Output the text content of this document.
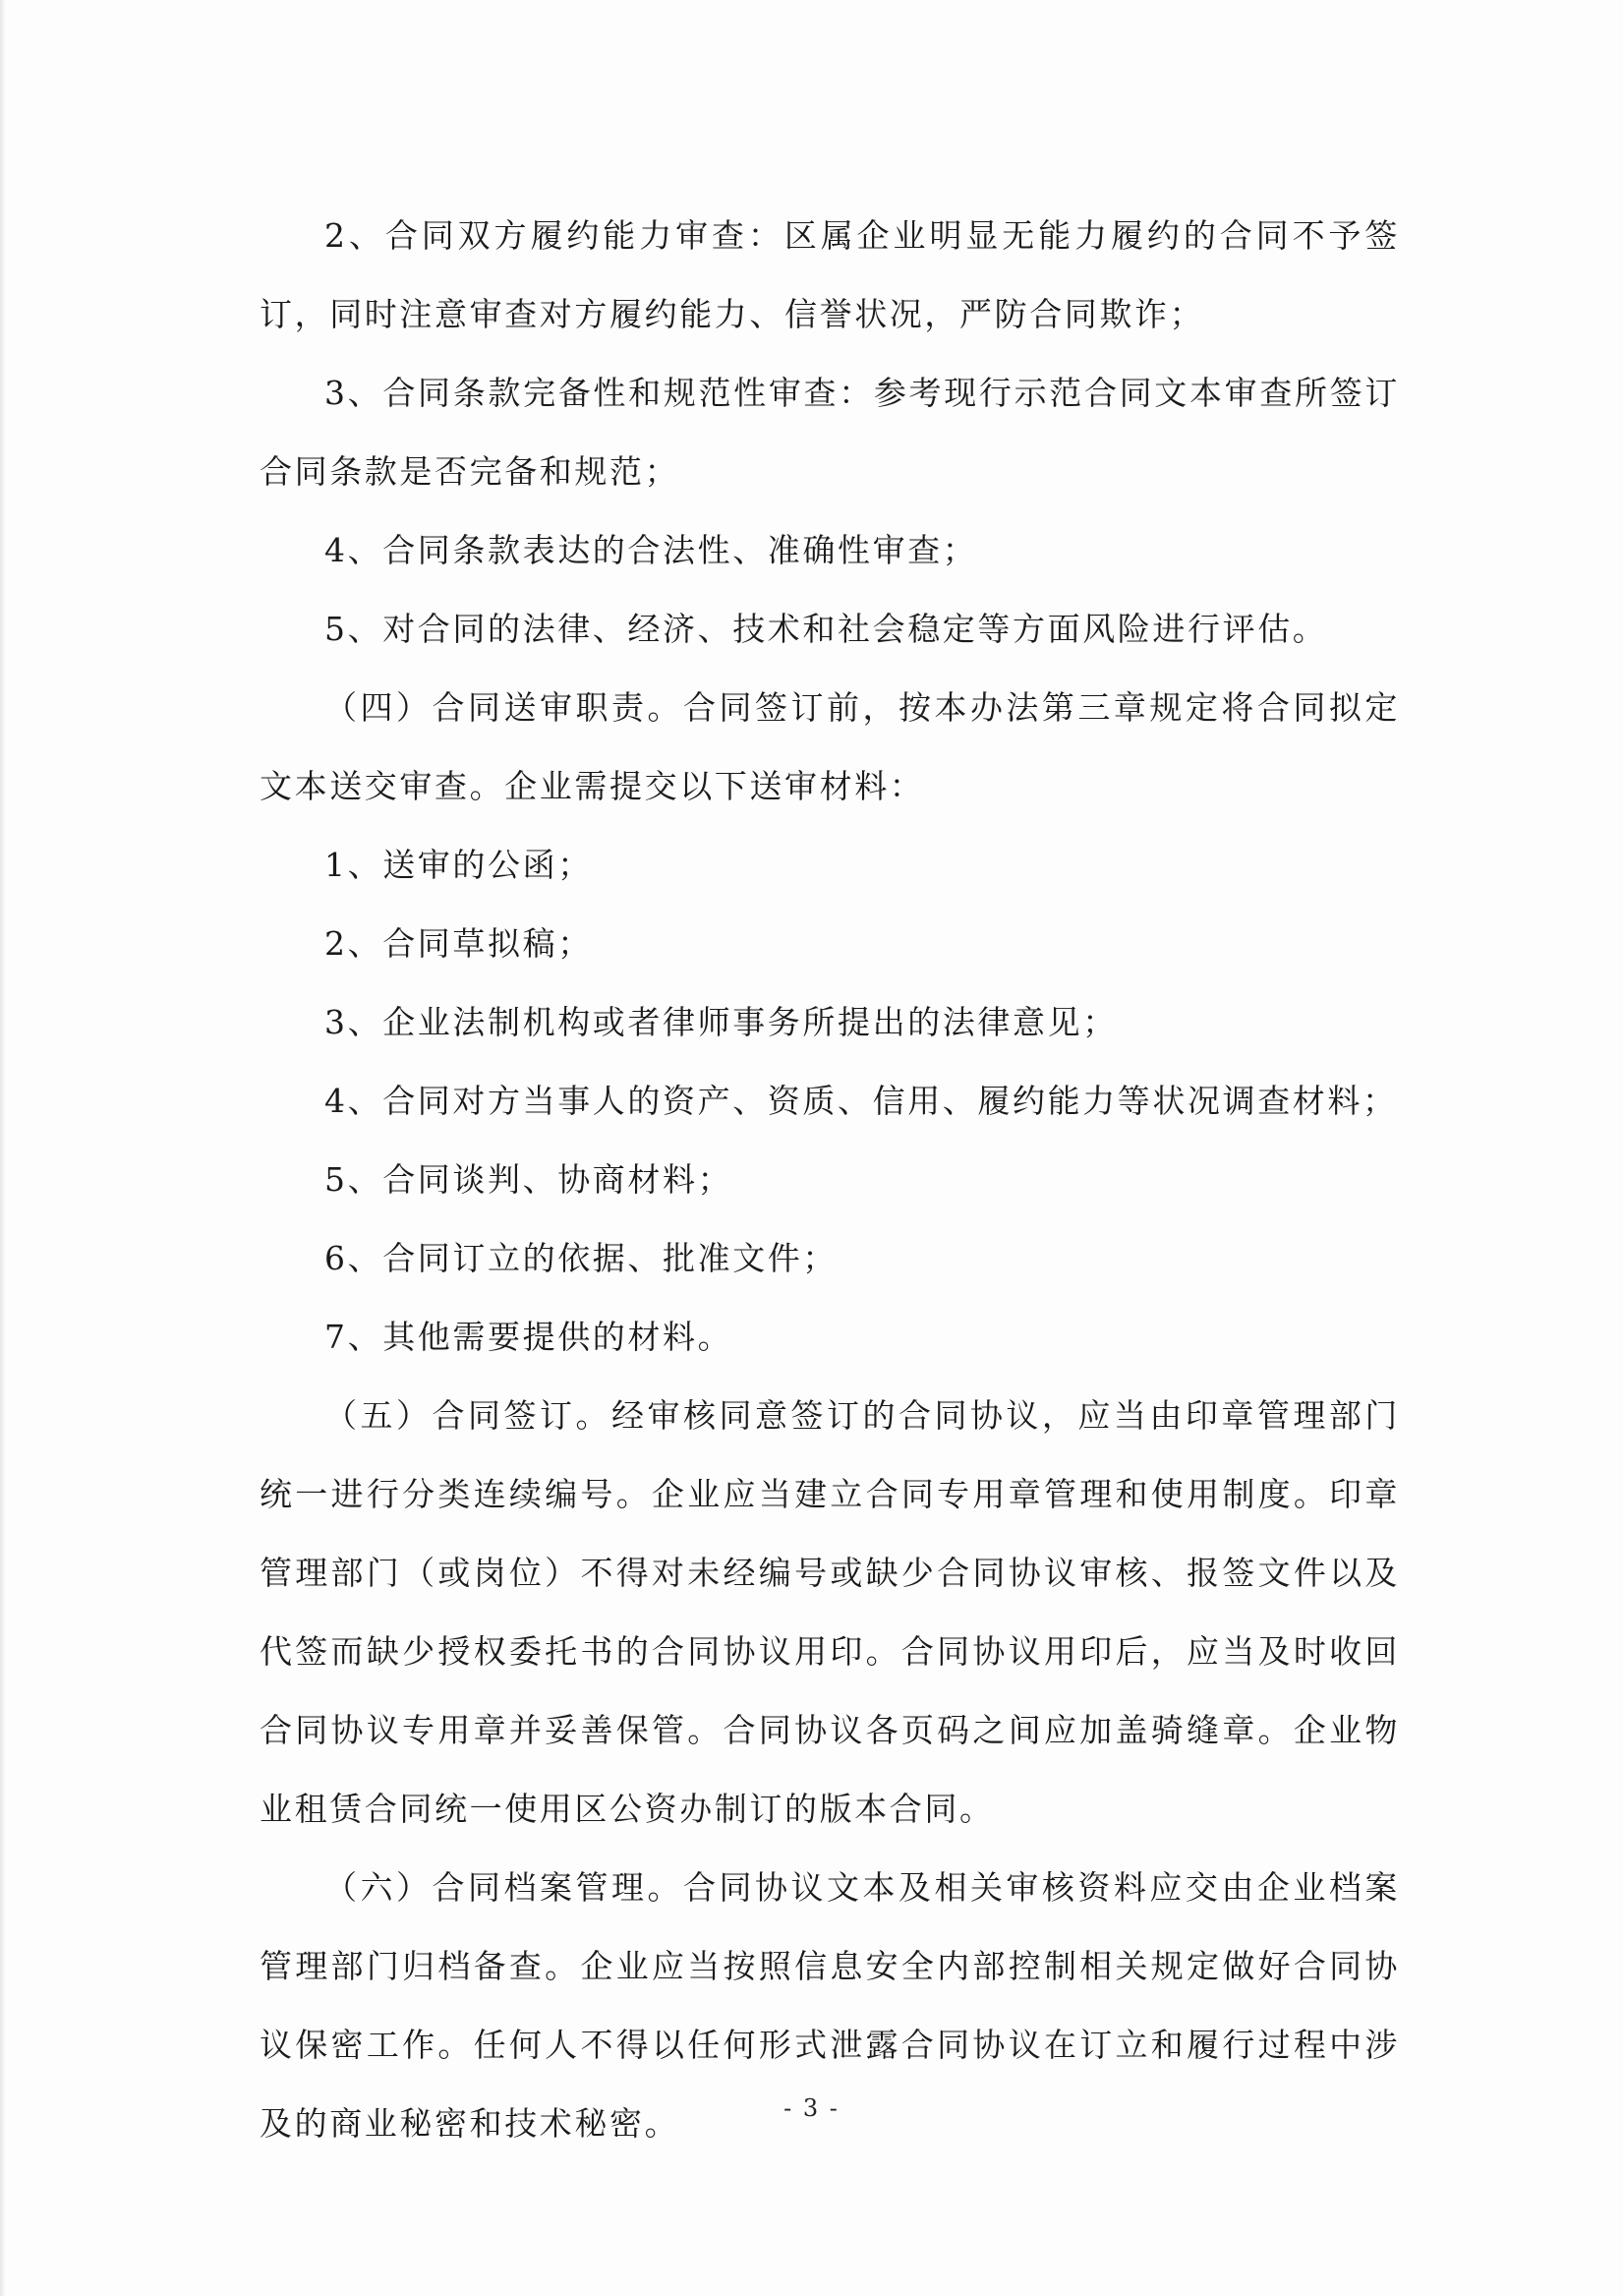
2、合同双方履约能力审查：区属企业明显无能力履约的合同不予签订，同时注意审查对方履约能力、信誉状况，严防合同欺诈；

3、合同条款完备性和规范性审查：参考现行示范合同文本审查所签订合同条款是否完备和规范；

4、合同条款表达的合法性、准确性审查；

5、对合同的法律、经济、技术和社会稳定等方面风险进行评估。

（四）合同送审职责。合同签订前，按本办法第三章规定将合同拟定文本送交审查。企业需提交以下送审材料：

1、送审的公函；

2、合同草拟稿；

3、企业法制机构或者律师事务所提出的法律意见；

4、合同对方当事人的资产、资质、信用、履约能力等状况调查材料；

5、合同谈判、协商材料；

6、合同订立的依据、批准文件；

7、其他需要提供的材料。

（五）合同签订。经审核同意签订的合同协议，应当由印章管理部门统一进行分类连续编号。企业应当建立合同专用章管理和使用制度。印章管理部门（或岗位）不得对未经编号或缺少合同协议审核、报签文件以及代签而缺少授权委托书的合同协议用印。合同协议用印后，应当及时收回合同协议专用章并妥善保管。合同协议各页码之间应加盖骑缝章。企业物业租赁合同统一使用区公资办制订的版本合同。

（六）合同档案管理。合同协议文本及相关审核资料应交由企业档案管理部门归档备查。企业应当按照信息安全内部控制相关规定做好合同协议保密工作。任何人不得以任何形式泄露合同协议在订立和履行过程中涉及的商业秘密和技术秘密。	- 3 -
